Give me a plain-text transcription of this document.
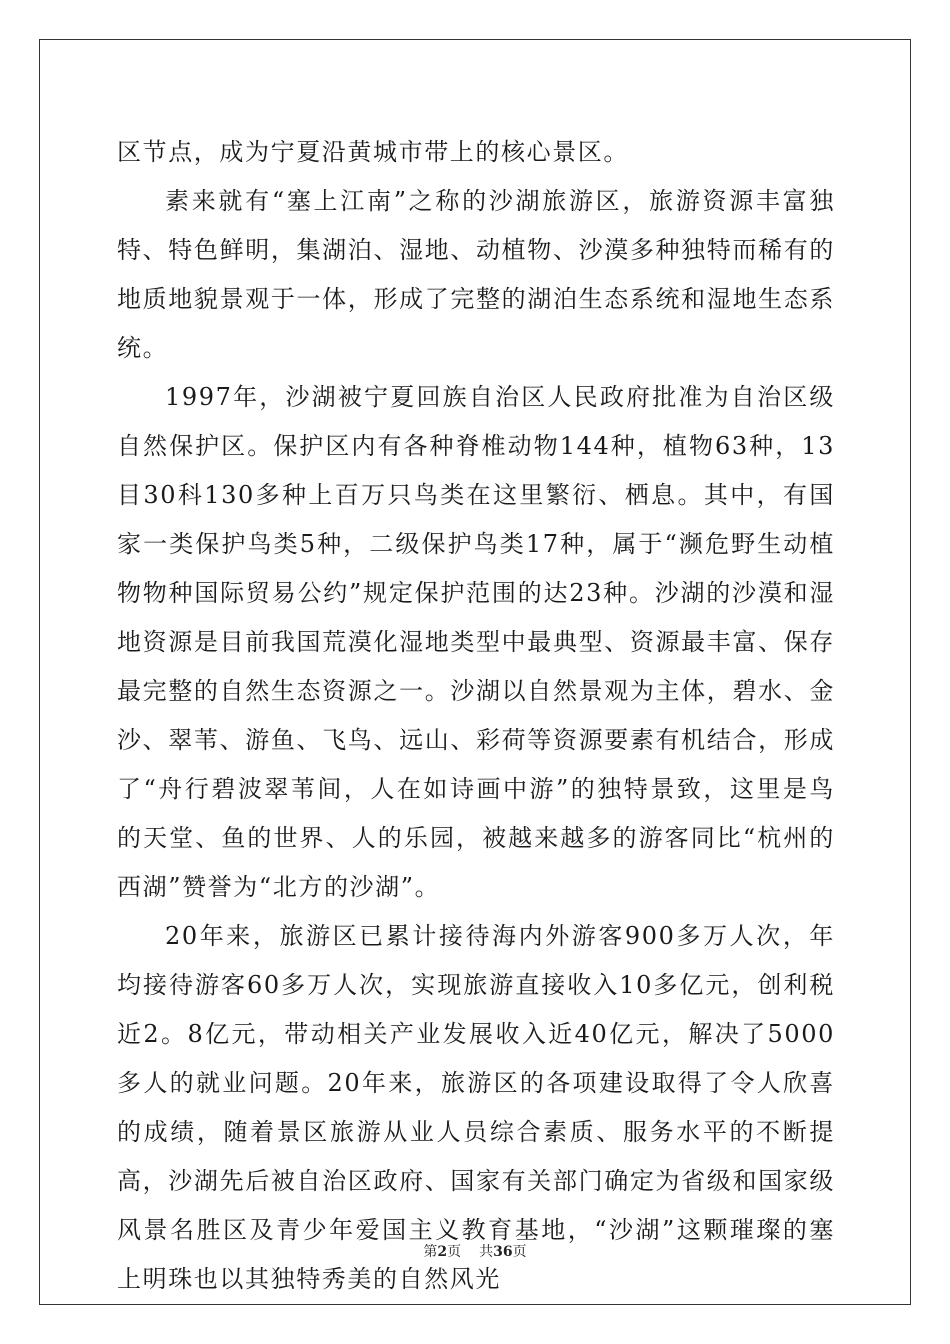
区节点，成为宁夏沿黄城市带上的核心景区。

素来就有“塞上江南”之称的沙湖旅游区，旅游资源丰富独特、特色鲜明，集湖泊、湿地、动植物、沙漠多种独特而稀有的地质地貌景观于一体，形成了完整的湖泊生态系统和湿地生态系统。

1997年，沙湖被宁夏回族自治区人民政府批准为自治区级自然保护区。保护区内有各种脊椎动物144种，植物63种，13目30科130多种上百万只鸟类在这里繁衍、栖息。其中，有国家一类保护鸟类5种，二级保护鸟类17种，属于“濒危野生动植物物种国际贸易公约”规定保护范围的达23种。沙湖的沙漠和湿地资源是目前我国荒漠化湿地类型中最典型、资源最丰富、保存最完整的自然生态资源之一。沙湖以自然景观为主体，碧水、金沙、翠苇、游鱼、飞鸟、远山、彩荷等资源要素有机结合，形成了“舟行碧波翠苇间，人在如诗画中游”的独特景致，这里是鸟的天堂、鱼的世界、人的乐园，被越来越多的游客同比“杭州的西湖”赞誉为“北方的沙湖”。

20年来，旅游区已累计接待海内外游客900多万人次，年均接待游客60多万人次，实现旅游直接收入10多亿元，创利税近2。8亿元，带动相关产业发展收入近40亿元，解决了5000多人的就业问题。20年来，旅游区的各项建设取得了令人欣喜的成绩，随着景区旅游从业人员综合素质、服务水平的不断提高，沙湖先后被自治区政府、国家有关部门确定为省级和国家级风景名胜区及青少年爱国主义教育基地，“沙湖”这颗璀璨的塞上明珠也以其独特秀美的自然风光

第2页 共36页
